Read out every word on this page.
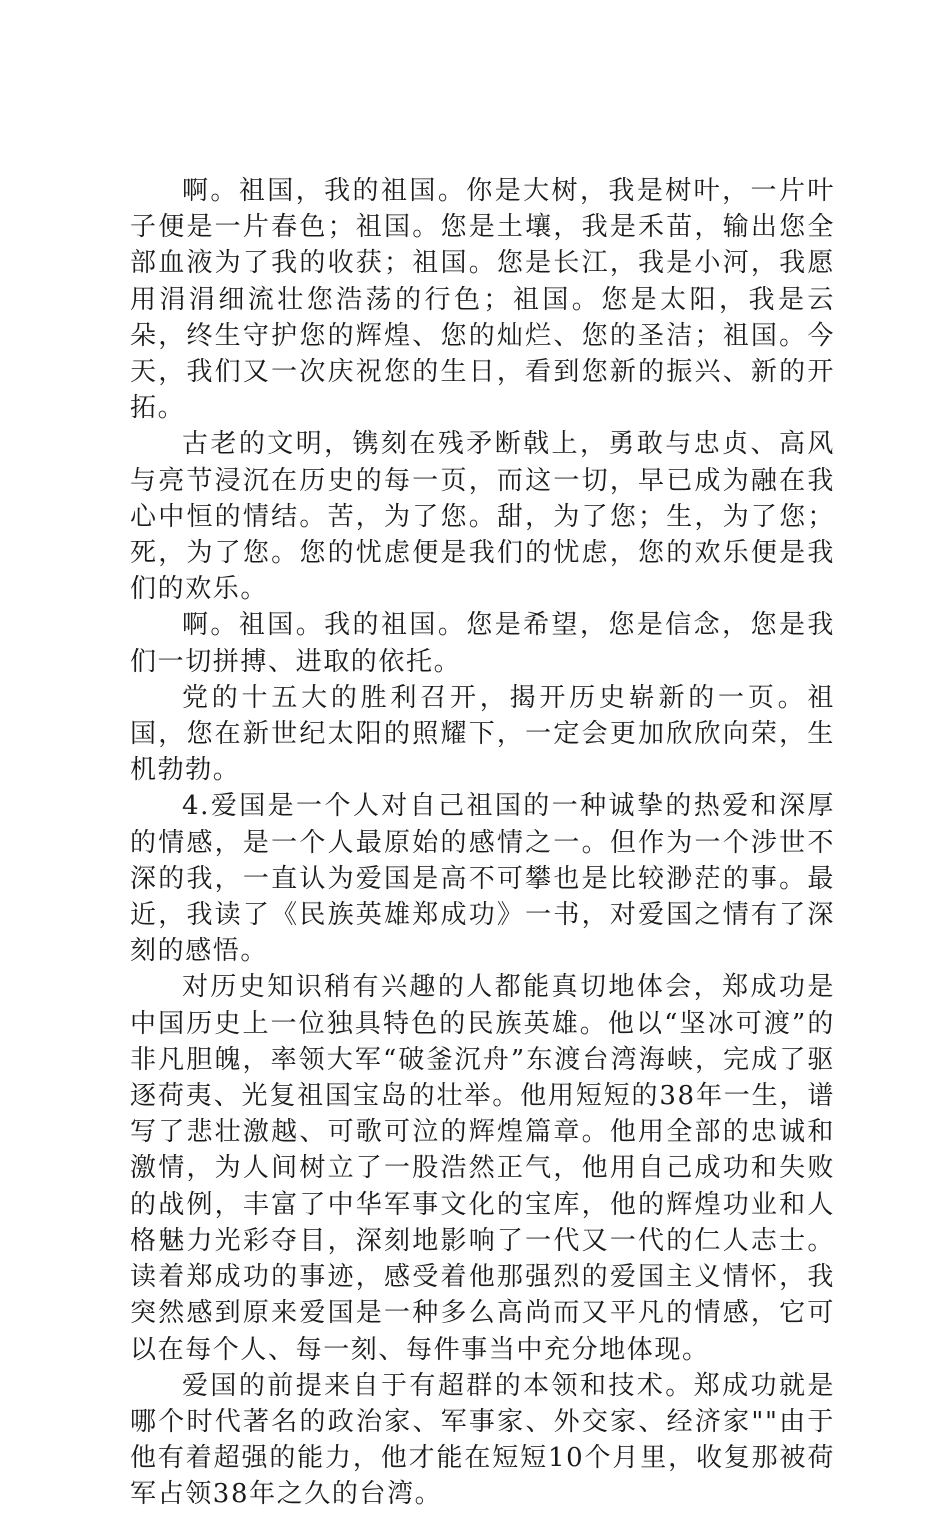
啊。祖国，我的祖国。你是大树，我是树叶，一片叶子便是一片春色；祖国。您是土壤，我是禾苗，输出您全部血液为了我的收获；祖国。您是长江，我是小河，我愿用涓涓细流壮您浩荡的行色；祖国。您是太阳，我是云朵，终生守护您的辉煌、您的灿烂、您的圣洁；祖国。今天，我们又一次庆祝您的生日，看到您新的振兴、新的开拓。

古老的文明，镌刻在残矛断戟上，勇敢与忠贞、高风与亮节浸沉在历史的每一页，而这一切，早已成为融在我心中恒的情结。苦，为了您。甜，为了您；生，为了您；死，为了您。您的忧虑便是我们的忧虑，您的欢乐便是我们的欢乐。

啊。祖国。我的祖国。您是希望，您是信念，您是我们一切拼搏、进取的依托。

党的十五大的胜利召开，揭开历史崭新的一页。祖国，您在新世纪太阳的照耀下，一定会更加欣欣向荣，生机勃勃。

4.爱国是一个人对自己祖国的一种诚挚的热爱和深厚的情感，是一个人最原始的感情之一。但作为一个涉世不深的我，一直认为爱国是高不可攀也是比较渺茫的事。最近，我读了《民族英雄郑成功》一书，对爱国之情有了深刻的感悟。

对历史知识稍有兴趣的人都能真切地体会，郑成功是中国历史上一位独具特色的民族英雄。他以“坚冰可渡”的非凡胆魄，率领大军“破釜沉舟”东渡台湾海峡，完成了驱逐荷夷、光复祖国宝岛的壮举。他用短短的38年一生，谱写了悲壮激越、可歌可泣的辉煌篇章。他用全部的忠诚和激情，为人间树立了一股浩然正气，他用自己成功和失败的战例，丰富了中华军事文化的宝库，他的辉煌功业和人格魅力光彩夺目，深刻地影响了一代又一代的仁人志士。读着郑成功的事迹，感受着他那强烈的爱国主义情怀，我突然感到原来爱国是一种多么高尚而又平凡的情感，它可以在每个人、每一刻、每件事当中充分地体现。

爱国的前提来自于有超群的本领和技术。郑成功就是哪个时代著名的政治家、军事家、外交家、经济家""由于他有着超强的能力，他才能在短短10个月里，收复那被荷军占领38年之久的台湾。
